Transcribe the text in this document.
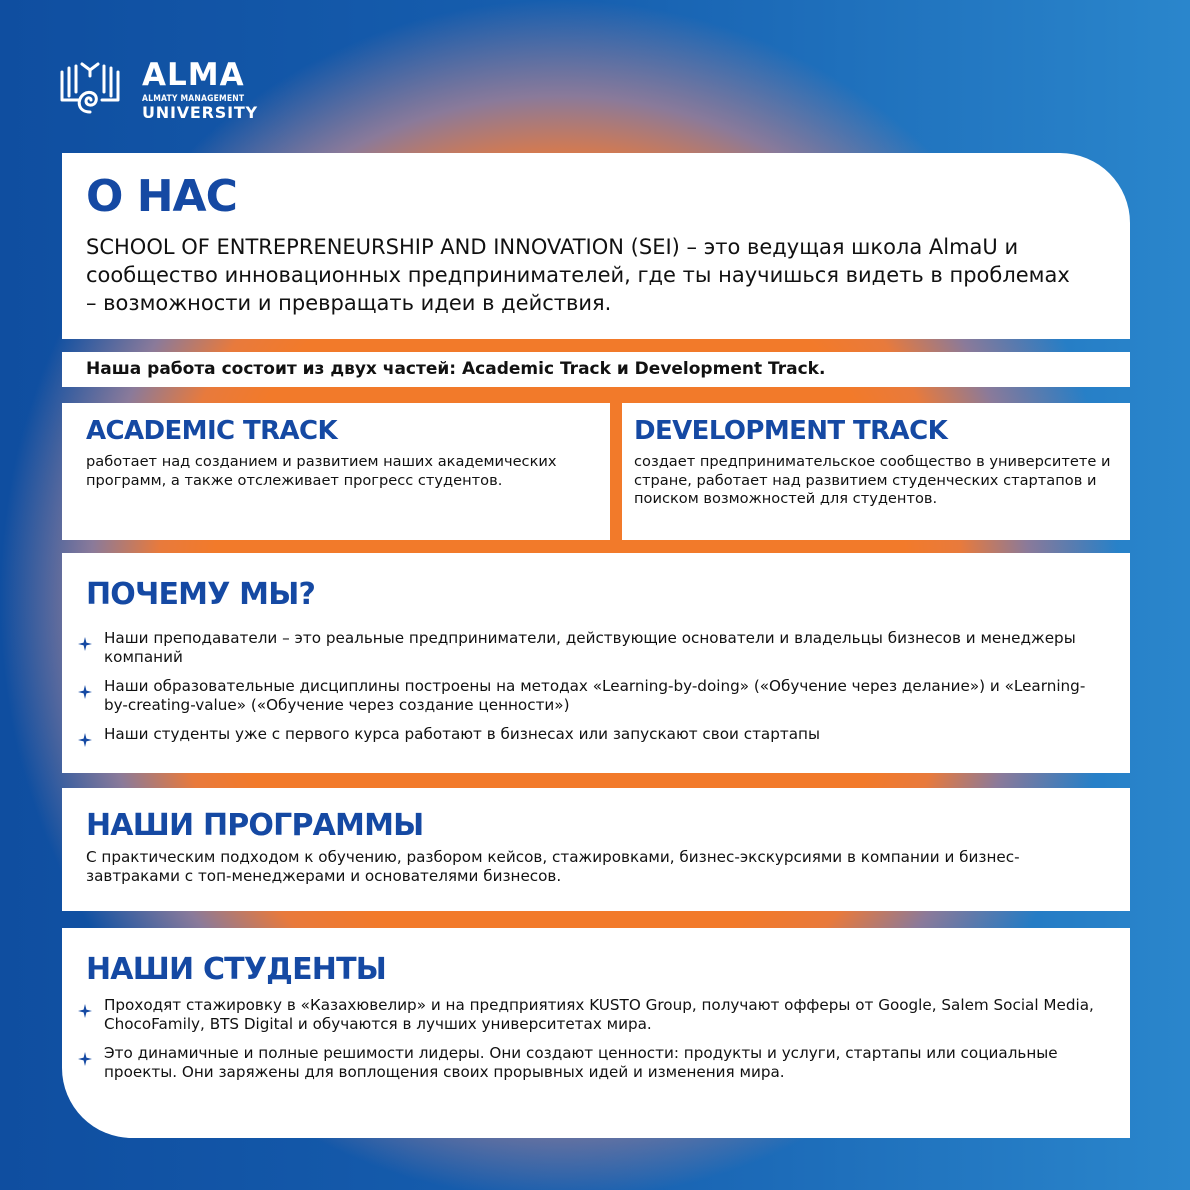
ALMA
ALMATY MANAGEMENT
UNIVERSITY
О НАС
SCHOOL OF ENTREPRENEURSHIP AND INNOVATION (SEI) – это ведущая школа AlmaU и сообщество инновационных предпринимателей, где ты научишься видеть в проблемах – возможности и превращать идеи в действия.
Наша работа состоит из двух частей: Academic Track и Development Track.
ACADEMIC TRACK
работает над созданием и развитием наших академических программ, а также отслеживает прогресс студентов.
DEVELOPMENT TRACK
создает предпринимательское сообщество в университете и стране, работает над развитием студенческих стартапов и поиском возможностей для студентов.
ПОЧЕМУ МЫ?
Наши преподаватели – это реальные предприниматели, действующие основатели и владельцы бизнесов и менеджеры компаний
Наши образовательные дисциплины построены на методах «Learning-by-doing» («Обучение через делание») и «Learning-by-creating-value» («Обучение через создание ценности»)
Наши студенты уже с первого курса работают в бизнесах или запускают свои стартапы
НАШИ ПРОГРАММЫ
С практическим подходом к обучению, разбором кейсов, стажировками, бизнес-экскурсиями в компании и бизнес-завтраками с топ-менеджерами и основателями бизнесов.
НАШИ СТУДЕНТЫ
Проходят стажировку в «Казахювелир» и на предприятиях KUSTO Group, получают офферы от Google, Salem Social Media, ChocoFamily, BTS Digital и обучаются в лучших университетах мира.
Это динамичные и полные решимости лидеры. Они создают ценности: продукты и услуги, стартапы или социальные проекты. Они заряжены для воплощения своих прорывных идей и изменения мира.
